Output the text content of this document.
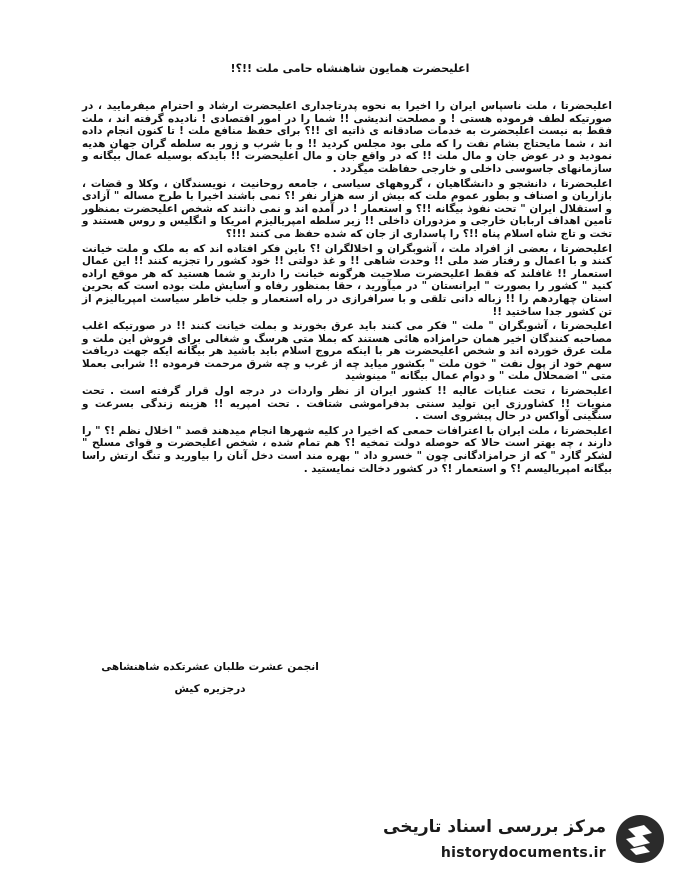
اعلیحضرت همایون شاهنشاه حامی ملت !!؟!

اعلیحضرتا ، ملت ناسپاس ایران را اخیرا به نحوه پدرتاجداری اعلیحضرت ارشاد و احترام میفرمایید ، در صورتیکه لطف فرموده هستی ! و مصلحت اندیشی !! شما را در امور اقتصادی ! نادیده گرفته اند ، ملت فقط به نیست اعلیحضرت به خدمات صادقانه ی ذاتیه ای !!؟ برای حفظ منافع ملت ! تا کنون انجام داده اند ، شما مایحتاج بشام نفت را که ملی بود مجلس کردید !! و با شرب و زور به سلطه گران جهان هدیه نمودید و در عوض جان و مال ملت !! که در واقع جان و مال اعلیحضرت !! بایدکه بوسیله عمال بیگانه و سازمانهای جاسوسی داخلی و خارجی حفاظت میگردد .

اعلیحضرتا ، دانشجو و دانشگاهیان ، گروههای سیاسی ، جامعه روحانیت ، نویسندگان ، وکلا و قضات ، بازاریان و اصناف و بطور عموم ملت که بیش از سه هزار نفر !؟ نمی باشند اخیرا با طرح مساله " آزادی و استقلال ایران " تحت نفوذ بیگانه !!؟ و استعمار ! در آمده اند و نمی دانند که شخص اعلیحضرت بمنظور تامین اهداف اربابان خارجی و مزدوران داخلی !! زیر سلطه امپریالیزم امریکا و انگلیس و روس هستند و تخت و تاج شاه اسلام پناه !!؟ را پاسداری از جان که شده حفظ می کنند !!!؟

اعلیحضرتا ، بعضی از افراد ملت ، آشوبگران و اخلالگران !؟ باین فکر افتاده اند که به ملک و ملت خیانت کنند و با اعمال و رفتار ضد ملی !! وحدت شاهی !! و غذ دولتی !! خود کشور را تجزیه کنند !! این عمال استعمار !! غافلند که فقط اعلیحضرت صلاحیت هرگونه خیانت را دارند و شما هستید که هر موقع اراده کنید " کشور را بصورت " ایرانستان " در میآورید ، حقا بمنظور رفاه و آسایش ملت بوده است که بحرین استان چهاردهم را !! زباله دانی تلقی و با سرافرازی در راه استعمار و جلب خاطر سیاست امپریالیزم از تن کشور جدا ساختید !!

اعلیحضرتا ، آشوبگران " ملت " فکر می کنند باید عرق بخورند و بملت خیانت کنند !! در صورتیکه اغلب مصاحبه کنندگان اخیر همان حرامزاده هائی هستند که بملا متی هرسگ و شغالی برای فروش این ملت و ملت عرق خورده اند و شخص اعلیحضرت هر با اینکه مروج اسلام باید باشید هر بیگانه ایکه جهت دریافت سهم خود از پول نفت " خون ملت " بکشور میاید چه از غرب و چه شرق مرحمت فرموده !! شرابی بعملا متی " اضمحلال ملت " و دوام عمال بیگانه " مینوشید

اعلیحضرتا ، تحت عنایات عالیه !! کشور ایران از نظر واردات در درجه اول قرار گرفته است . تحت منویات !! کشاورزی این تولید سنتی بدفراموشی شتافت . تحت امپریه !! هزینه زندگی بسرعت و سنگینی آواکس در حال پیشروی است .

اعلیحضرتا ، ملت ایران با اعترافات حمعی که اخیرا در کلیه شهرها انجام میدهند قصد " اخلال نظم !؟ " را دارند ، چه بهتر است حالا که حوصله دولت تمخیه !؟ هم تمام شده ، شخص اعلیحضرت و قوای مسلح " لشکر گارد " که از حرامزادگانی چون " خسرو داد " بهره مند است دخل آنان را بیاورید و تنگ ارتش راسا بیگانه امپریالیسم !؟ و استعمار !؟ در کشور دخالت نمایستید .

انجمن عشرت طلبان عشرتکده شاهنشاهی
درجزیره کیش
مرکز بررسی اسناد تاریخی
historydocuments.ir
